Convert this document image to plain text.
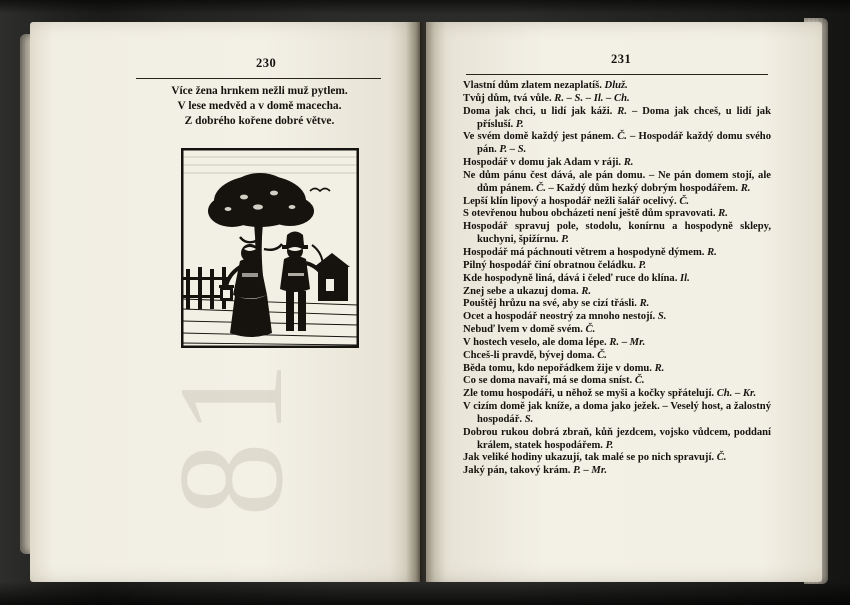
81
230
Více žena hrnkem nežli muž pytlem.
V lese medvěd a v domě macecha.
Z dobrého kořene dobré větve.
231

Vlastní dům zlatem nezaplatíš. Dluž.

Tvůj dům, tvá vůle. R. – S. – Il. – Ch.

Doma jak chci, u lidí jak káži. R. – Doma jak chceš, u lidí jak přísluší. P.

Ve svém domě každý jest pánem. Č. – Hospodář každý domu svého pán. P. – S.

Hospodář v domu jak Adam v ráji. R.

Ne dům pánu čest dává, ale pán domu. – Ne pán domem stojí, ale dům pánem. Č. – Každý dům hezký dobrým hospodářem. R.

Lepší klín lipový a hospodář nežli šalář ocelivý. Č.

S otevřenou hubou obcházeti není ještě dům spravovati. R.

Hospodář spravuj pole, stodolu, konírnu a hospodyně sklepy, kuchyni, špižírnu. P.

Hospodář má páchnouti větrem a hospodyně dýmem. R.

Pilný hospodář činí obratnou čeládku. P.

Kde hospodyně liná, dává i čeleď ruce do klína. Il.

Znej sebe a ukazuj doma. R.

Pouštěj hrůzu na své, aby se cizí třásli. R.

Ocet a hospodář neostrý za mnoho nestojí. S.

Nebuď lvem v domě svém. Č.

V hostech veselo, ale doma lépe. R. – Mr.

Chceš-li pravdě, bývej doma. Č.

Běda tomu, kdo nepořádkem žije v domu. R.

Co se doma navaří, má se doma sníst. Č.

Zle tomu hospodáři, u něhož se myši a kočky spřátelují. Ch. – Kr.

V cizím domě jak kníže, a doma jako ježek. – Veselý host, a žalostný hospodář. S.

Dobrou rukou dobrá zbraň, kůň jezdcem, vojsko vůdcem, poddaní králem, statek hospodářem. P.

Jak veliké hodiny ukazují, tak malé se po nich spravují. Č.

Jaký pán, takový krám. P. – Mr.
